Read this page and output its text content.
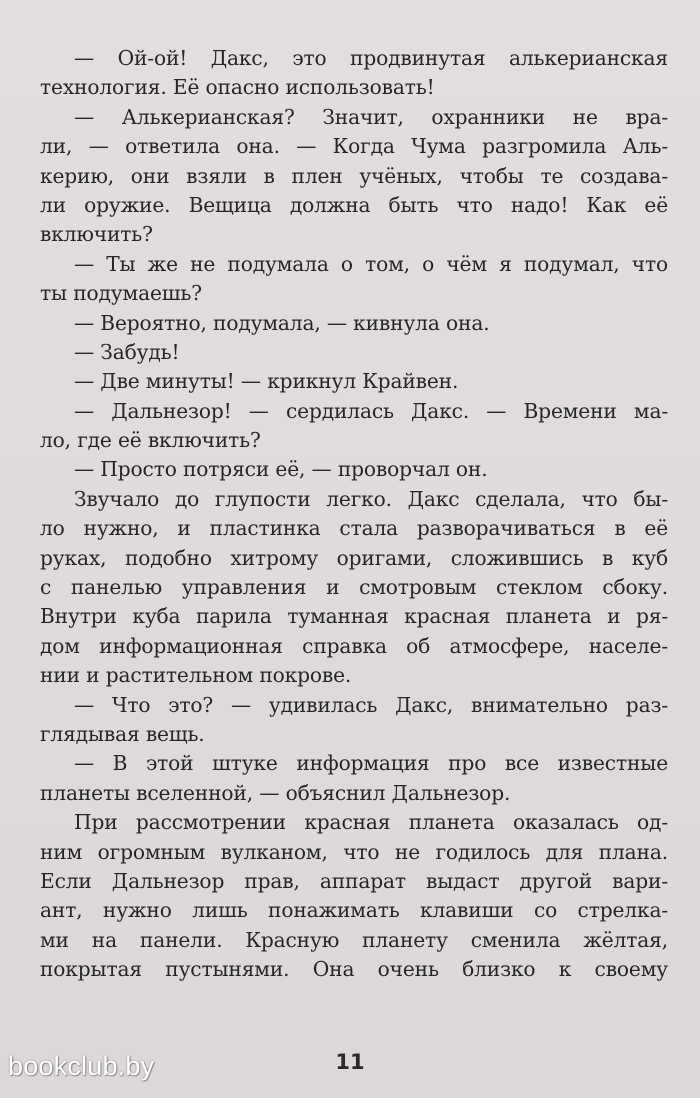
— Ой-ой! Дакс, это продвинутая алькерианская
технология. Её опасно использовать!
— Алькерианская? Значит, охранники не вра-
ли, — ответила она. — Когда Чума разгромила Аль-
керию, они взяли в плен учёных, чтобы те создава-
ли оружие. Вещица должна быть что надо! Как её
включить?
— Ты же не подумала о том, о чём я подумал, что
ты подумаешь?
— Вероятно, подумала, — кивнула она.
— Забудь!
— Две минуты! — крикнул Крайвен.
— Дальнезор! — сердилась Дакс. — Времени ма-
ло, где её включить?
— Просто потряси её, — проворчал он.
Звучало до глупости легко. Дакс сделала, что бы-
ло нужно, и пластинка стала разворачиваться в её
руках, подобно хитрому оригами, сложившись в куб
с панелью управления и смотровым стеклом сбоку.
Внутри куба парила туманная красная планета и ря-
дом информационная справка об атмосфере, населе-
нии и растительном покрове.
— Что это? — удивилась Дакс, внимательно раз-
глядывая вещь.
— В этой штуке информация про все известные
планеты вселенной, — объяснил Дальнезор.
При рассмотрении красная планета оказалась од-
ним огромным вулканом, что не годилось для плана.
Если Дальнезор прав, аппарат выдаст другой вари-
ант, нужно лишь понажимать клавиши со стрелка-
ми на панели. Красную планету сменила жёлтая,
покрытая пустынями. Она очень близко к своему
11
bookclub.by
